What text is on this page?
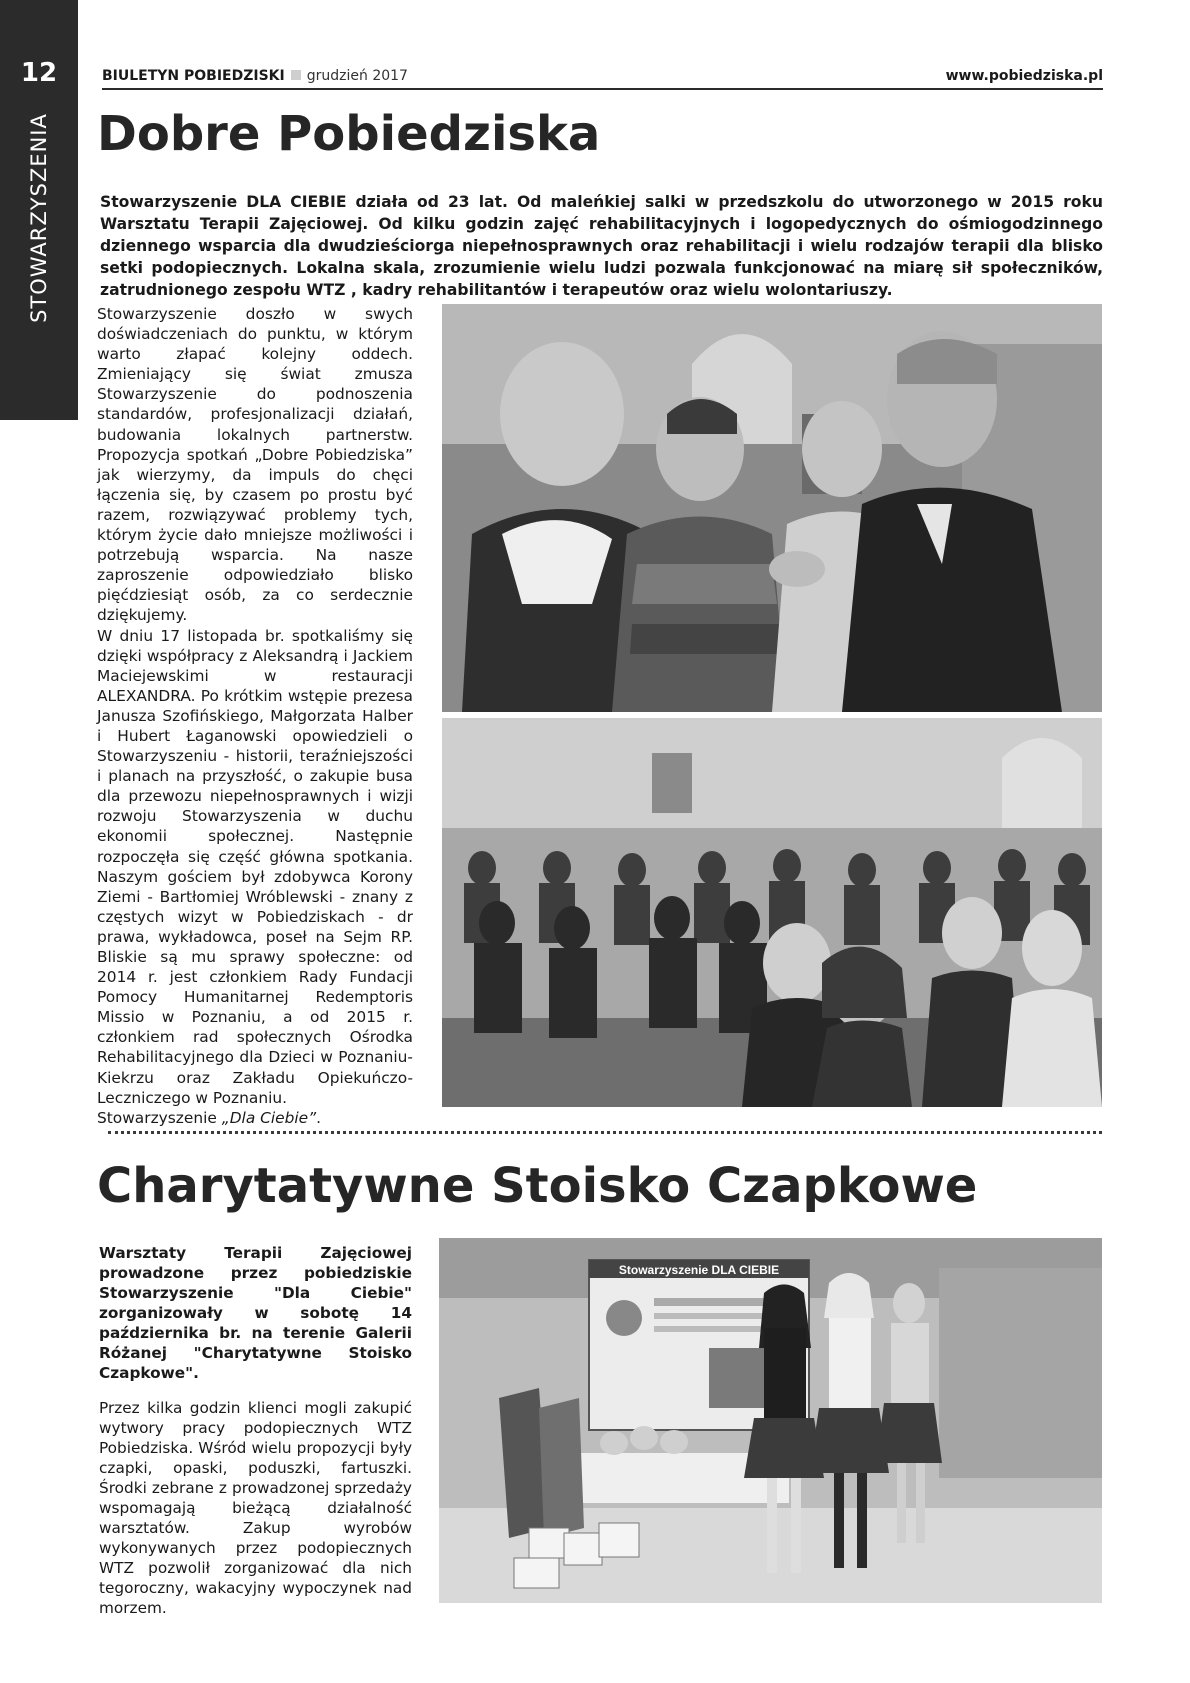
12
STOWARZYSZENIA
BIULETYN POBIEDZISKI grudzień 2017	www.pobiedziska.pl
Dobre Pobiedziska

Stowarzyszenie DLA CIEBIE działa od 23 lat. Od maleńkiej salki w przedszkolu do utworzonego w 2015 roku Warsztatu Terapii Zajęciowej. Od kilku godzin zajęć rehabilitacyjnych i logopedycznych do ośmiogodzinnego dziennego wsparcia dla dwudzieściorga niepełnosprawnych oraz rehabilitacji i wielu rodzajów terapii dla blisko setki podopiecznych. Lokalna skala, zrozumienie wielu ludzi pozwala funkcjonować na miarę sił społeczników, zatrudnionego zespołu WTZ , kadry rehabilitantów i terapeutów oraz wielu wolontariuszy.

Stowarzyszenie doszło w swych doświadczeniach do punktu, w którym warto złapać kolejny oddech. Zmieniający się świat zmusza Stowarzyszenie do podnoszenia standardów, profesjonalizacji działań, budowania lokalnych partnerstw. Propozycja spotkań „Dobre Pobiedziska” jak wierzymy, da impuls do chęci łączenia się, by czasem po prostu być razem, rozwiązywać problemy tych, którym życie dało mniejsze możliwości i potrzebują wsparcia. Na nasze zaproszenie odpowiedziało blisko pięćdziesiąt osób, za co serdecznie dziękujemy.
W dniu 17 listopada br. spotkaliśmy się dzięki współpracy z Aleksandrą i Jackiem Maciejewskimi w restauracji ALEXANDRA. Po krótkim wstępie prezesa Janusza Szofińskiego, Małgorzata Halber i Hubert Łaganowski opowiedzieli o Stowarzyszeniu - historii, teraźniejszości i planach na przyszłość, o zakupie busa dla przewozu niepełnosprawnych i wizji rozwoju Stowarzyszenia w duchu ekonomii społecznej. Następnie rozpoczęła się część główna spotkania. Naszym gościem był zdobywca Korony Ziemi - Bartłomiej Wróblewski - znany z częstych wizyt w Pobiedziskach - dr prawa, wykładowca, poseł na Sejm RP. Bliskie są mu sprawy społeczne: od 2014 r. jest członkiem Rady Fundacji Pomocy Humanitarnej Redemptoris Missio w Poznaniu, a od 2015 r. członkiem rad społecznych Ośrodka Rehabilitacyjnego dla Dzieci w Poznaniu-Kiekrzu oraz Zakładu Opiekuńczo-Leczniczego w Poznaniu.
Stowarzyszenie „Dla Ciebie”.

Charytatywne Stoisko Czapkowe

Warsztaty Terapii Zajęciowej prowadzone przez pobiedziskie Stowarzyszenie "Dla Ciebie" zorganizowały w sobotę 14 października br. na terenie Galerii Różanej "Charytatywne Stoisko Czapkowe".

Przez kilka godzin klienci mogli zakupić wytwory pracy podopiecznych WTZ Pobiedziska. Wśród wielu propozycji były czapki, opaski, poduszki, fartuszki. Środki zebrane z prowadzonej sprzedaży wspomagają bieżącą działalność warsztatów. Zakup wyrobów wykonywanych przez podopiecznych WTZ pozwolił zorganizować dla nich tegoroczny, wakacyjny wypoczynek nad morzem.

Stowarzyszenie DLA CIEBIE
